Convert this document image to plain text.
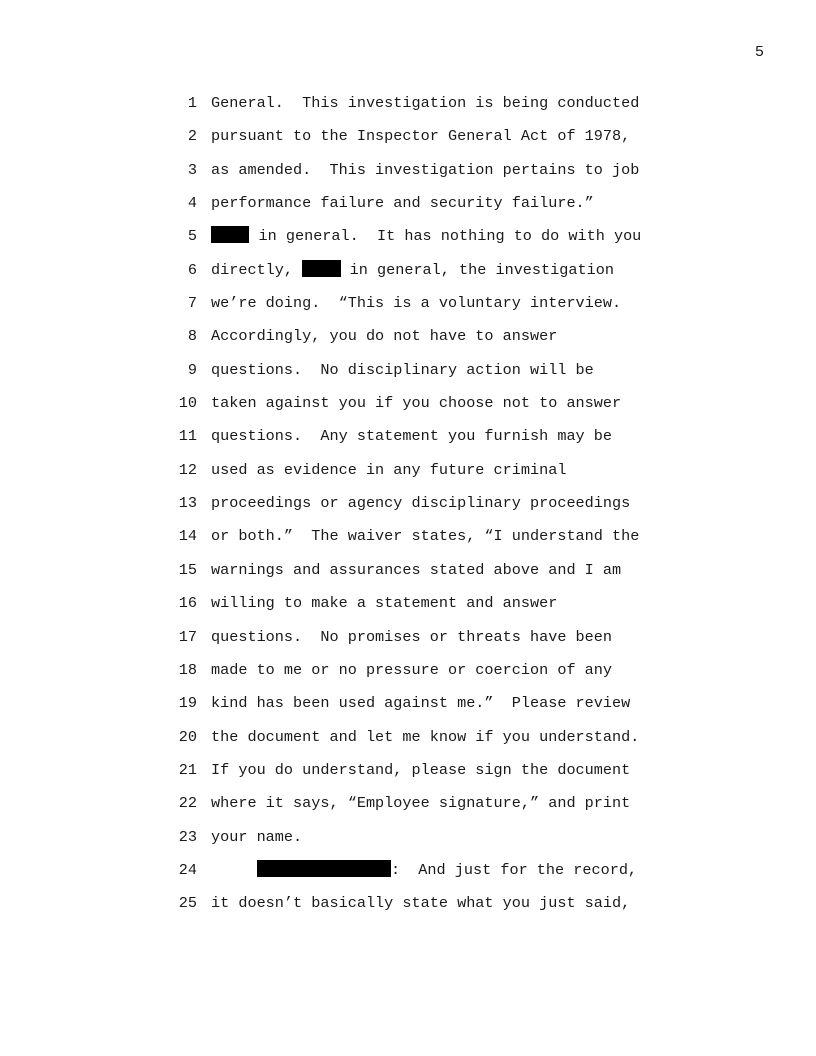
5
1 General.  This investigation is being conducted
2 pursuant to the Inspector General Act of 1978,
3 as amended.  This investigation pertains to job
4 performance failure and security failure.”
5	in general.  It has nothing to do with you
6 directly,	in general, the investigation
7 we’re doing.  “This is a voluntary interview.
8 Accordingly, you do not have to answer
9 questions.  No disciplinary action will be
10 taken against you if you choose not to answer
11 questions.  Any statement you furnish may be
12 used as evidence in any future criminal
13 proceedings or agency disciplinary proceedings
14 or both.”  The waiver states, “I understand the
15 warnings and assurances stated above and I am
16 willing to make a statement and answer
17 questions.  No promises or threats have been
18 made to me or no pressure or coercion of any
19 kind has been used against me.”  Please review
20 the document and let me know if you understand.
21 If you do understand, please sign the document
22 where it says, “Employee signature,” and print
23 your name.
24	:  And just for the record,
25 it doesn’t basically state what you just said,
